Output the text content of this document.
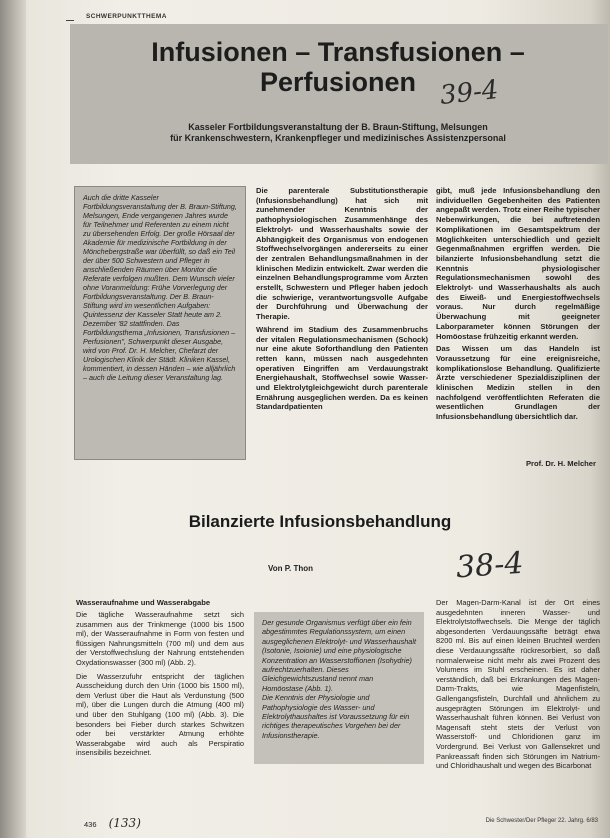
SCHWERPUNKTTHEMA
Infusionen – Transfusionen –
Perfusionen 39-4
Kasseler Fortbildungsveranstaltung der B. Braun-Stiftung, Melsungen
für Krankenschwestern, Krankenpfleger und medizinisches Assistenzpersonal

Auch die dritte Kasseler Fortbildungsveranstaltung der B. Braun-Stiftung, Melsungen, Ende vergangenen Jahres wurde für Teilnehmer und Referenten zu einem nicht zu übersehenden Erfolg. Der große Hörsaal der Akademie für medizinische Fortbildung in der Mönchebergstraße war überfüllt, so daß ein Teil der über 500 Schwestern und Pfleger in anschließenden Räumen über Monitor die Referate verfolgen mußten. Dem Wunsch vieler ohne Voranmeldung: Frühe Vorverlegung der Fortbildungsveranstaltung. Der B. Braun-Stiftung wird im wesentlichen Aufgaben: Quintessenz der Kasseler Statt heute am 2. Dezember '82 stattfinden. Das Fortbildungsthema „Infusionen, Transfusionen – Perfusionen", Schwerpunkt dieser Ausgabe, wird von Prof. Dr. H. Melcher, Chefarzt der Urologischen Klinik der Städt. Kliniken Kassel, kommentiert, in dessen Händen – wie alljährlich – auch die Leitung dieser Veranstaltung lag.

Die parenterale Substitutionstherapie (Infusionsbehandlung) hat sich mit zunehmender Kenntnis der pathophysiologischen Zusammenhänge des Elektrolyt- und Wasserhaushalts sowie der Abhängigkeit des Organismus von endogenen Stoffwechselvorgängen andererseits zu einer der zentralen Behandlungsmaßnahmen in der klinischen Medizin entwickelt. Zwar werden die einzelnen Behandlungsprogramme vom Ärzten erstellt, Schwestern und Pfleger haben jedoch die schwierige, verantwortungsvolle Aufgabe der Durchführung und Überwachung der Therapie.

Während im Stadium des Zusammenbruchs der vitalen Regulationsmechanismen (Schock) nur eine akute Soforthandlung den Patienten retten kann, müssen nach ausgedehnten operativen Eingriffen am Verdauungstrakt Energiehaushalt, Stoffwechsel sowie Wasser- und Elektrolytgleichgewicht durch parenterale Ernährung ausgeglichen werden. Da es keinen Standardpatienten

gibt, muß jede Infusionsbehandlung den individuellen Gegebenheiten des Patienten angepaßt werden. Trotz einer Reihe typischer Nebenwirkungen, die bei auftretenden Komplikationen im Gesamtspektrum der Möglichkeiten unterschiedlich und gezielt Gegenmaßnahmen ergriffen werden. Die bilanzierte Infusionsbehandlung setzt die Kenntnis physiologischer Regulationsmechanismen sowohl des Elektrolyt- und Wasserhaushalts als auch des Eiweiß- und Energiestoffwechsels voraus. Nur durch regelmäßige Überwachung mit geeigneter Laborparameter können Störungen der Homöostase frühzeitig erkannt werden.

Das Wissen um das Handeln ist Voraussetzung für eine ereignisreiche, komplikationslose Behandlung. Qualifizierte Ärzte verschiedener Spezialdisziplinen der klinischen Medizin stellen in den nachfolgend veröffentlichten Referaten die wesentlichen Grundlagen der Infusionsbehandlung übersichtlich dar.

Prof. Dr. H. Melcher
Bilanzierte Infusionsbehandlung
38-4
Von P. Thon
Wasseraufnahme und Wasserabgabe

Die tägliche Wasseraufnahme setzt sich zusammen aus der Trinkmenge (1000 bis 1500 ml), der Wasseraufnahme in Form von festen und flüssigen Nahrungsmitteln (700 ml) und dem aus der Verstoffwechslung der Nahrung entstehenden Oxydationswasser (300 ml) (Abb. 2).

Die Wasserzufuhr entspricht der täglichen Ausscheidung durch den Urin (1000 bis 1500 ml), dem Verlust über die Haut als Verdunstung (500 ml), über die Lungen durch die Atmung (400 ml) und über den Stuhlgang (100 ml) (Abb. 3). Die besonders bei Fieber durch starkes Schwitzen oder bei verstärkter Atmung erhöhte Wasserabgabe wird auch als Perspiratio insensibilis bezeichnet.

Der gesunde Organismus verfügt über ein fein abgestimmtes Regulationssystem, um einen ausgeglichenen Elektrolyt- und Wasserhaushalt (Isotonie, Isoionie) und eine physiologische Konzentration an Wasserstoffionen (Isohydrie) aufrechtzuerhalten. Dieses Gleichgewichtszustand nennt man Homöostase (Abb. 1).
Die Kenntnis der Physiologie und Pathophysiologie des Wasser- und Elektrolythaushaltes ist Voraussetzung für ein richtiges therapeutisches Vorgehen bei der Infusionstherapie.

Der Magen-Darm-Kanal ist der Ort eines ausgedehnten inneren Wasser- und Elektrolytstoffwechsels. Die Menge der täglich abgesonderten Verdauungssäfte beträgt etwa 8200 ml. Bis auf einen kleinen Bruchteil werden diese Verdauungssäfte rückresorbiert, so daß normalerweise nicht mehr als zwei Prozent des Volumens im Stuhl erscheinen. Es ist daher verständlich, daß bei Erkrankungen des Magen-Darm-Trakts, wie Magenfisteln, Gallengangsfisteln, Durchfall und ähnlichem zu ausgeprägten Störungen im Elektrolyt- und Wasserhaushalt führen können. Bei Verlust von Magensaft steht stets der Verlust von Wasserstoff- und Chloridionen ganz im Vordergrund. Bei Verlust von Gallensekret und Pankreassaft finden sich Störungen im Natrium- und Chloridhaushalt und wegen des Bicarbonat

436 (133)	Die Schwester/Der Pfleger 22. Jahrg. 6/83
